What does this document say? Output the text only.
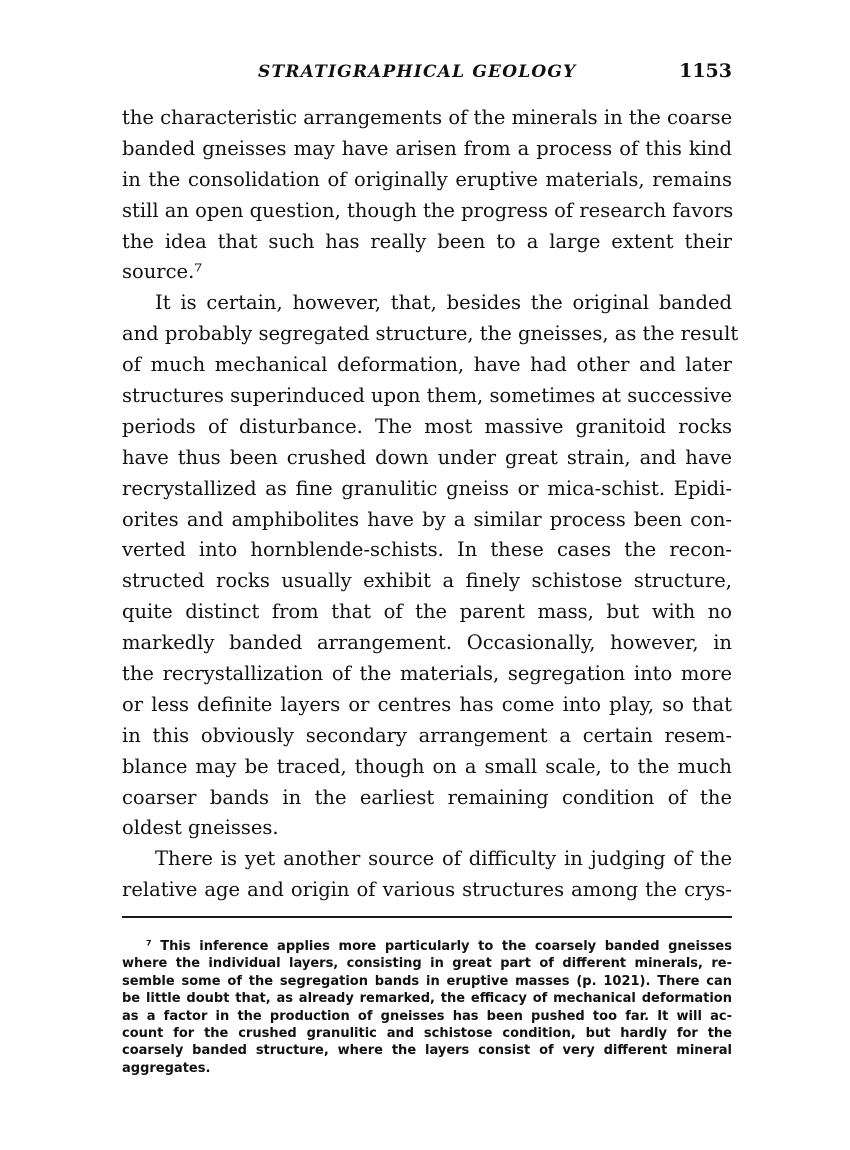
STRATIGRAPHICAL GEOLOGY	1153
the characteristic arrangements of the minerals in the coarse
banded gneisses may have arisen from a process of this kind
in the consolidation of originally eruptive materials, remains
still an open question, though the progress of research favors
the idea that such has really been to a large extent their
source.⁷
It is certain, however, that, besides the original banded
and probably segregated structure, the gneisses, as the result
of much mechanical deformation, have had other and later
structures superinduced upon them, sometimes at successive
periods of disturbance. The most massive granitoid rocks
have thus been crushed down under great strain, and have
recrystallized as fine granulitic gneiss or mica-schist. Epidi-
orites and amphibolites have by a similar process been con-
verted into hornblende-schists. In these cases the recon-
structed rocks usually exhibit a finely schistose structure,
quite distinct from that of the parent mass, but with no
markedly banded arrangement. Occasionally, however, in
the recrystallization of the materials, segregation into more
or less definite layers or centres has come into play, so that
in this obviously secondary arrangement a certain resem-
blance may be traced, though on a small scale, to the much
coarser bands in the earliest remaining condition of the
oldest gneisses.
There is yet another source of difficulty in judging of the
relative age and origin of various structures among the crys-
⁷ This inference applies more particularly to the coarsely banded gneisses
where the individual layers, consisting in great part of different minerals, re-
semble some of the segregation bands in eruptive masses (p. 1021). There can
be little doubt that, as already remarked, the efficacy of mechanical deformation
as a factor in the production of gneisses has been pushed too far. It will ac-
count for the crushed granulitic and schistose condition, but hardly for the
coarsely banded structure, where the layers consist of very different mineral
aggregates.
